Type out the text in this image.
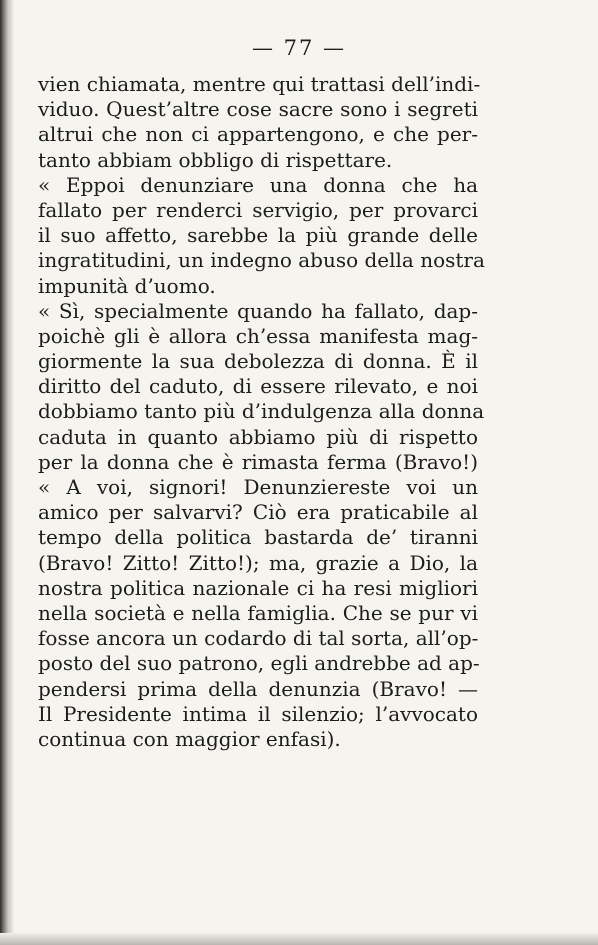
— 77 —
vien chiamata, mentre qui trattasi dell’indi-
viduo. Quest’altre cose sacre sono i segreti
altrui che non ci appartengono, e che per-
tanto abbiam obbligo di rispettare.
« Eppoi denunziare una donna che ha
fallato per renderci servigio, per provarci
il suo affetto, sarebbe la più grande delle
ingratitudini, un indegno abuso della nostra
impunità d’uomo.
« Sì, specialmente quando ha fallato, dap-
poichè gli è allora ch’essa manifesta mag-
giormente la sua debolezza di donna. È il
diritto del caduto, di essere rilevato, e noi
dobbiamo tanto più d’indulgenza alla donna
caduta in quanto abbiamo più di rispetto
per la donna che è rimasta ferma (Bravo!)
« A voi, signori! Denunziereste voi un
amico per salvarvi? Ciò era praticabile al
tempo della politica bastarda de’ tiranni
(Bravo! Zitto! Zitto!); ma, grazie a Dio, la
nostra politica nazionale ci ha resi migliori
nella società e nella famiglia. Che se pur vi
fosse ancora un codardo di tal sorta, all’op-
posto del suo patrono, egli andrebbe ad ap-
pendersi prima della denunzia (Bravo! —
Il Presidente intima il silenzio; l’avvocato
continua con maggior enfasi).
